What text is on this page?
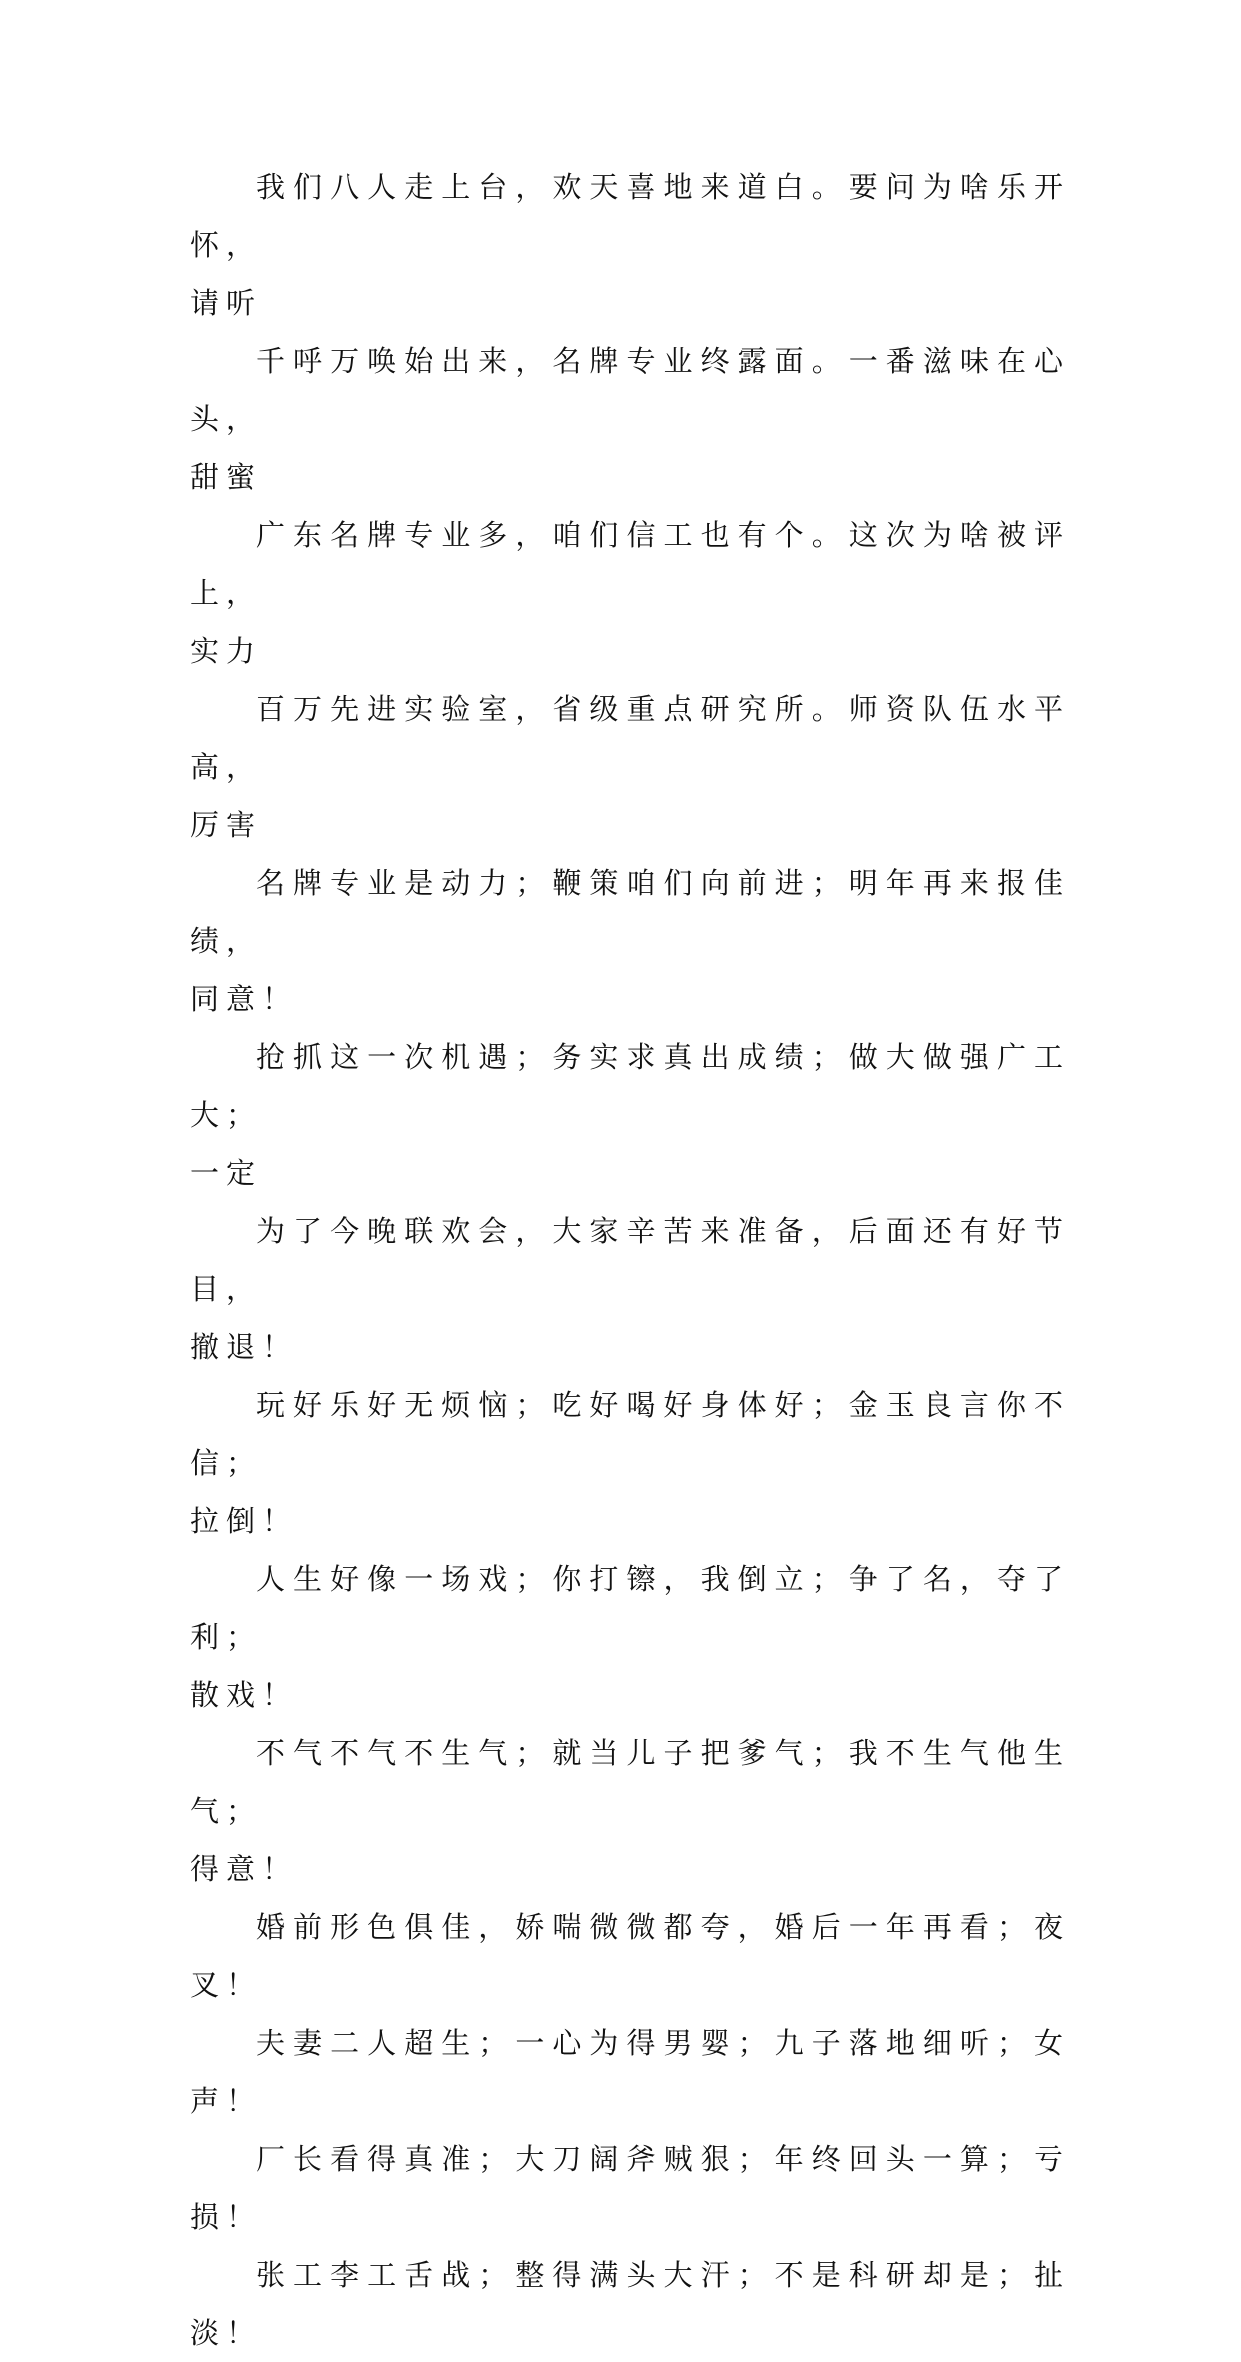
我们八人走上台，欢天喜地来道白。要问为啥乐开怀，
请听

千呼万唤始出来，名牌专业终露面。一番滋味在心头，
甜蜜

广东名牌专业多，咱们信工也有个。这次为啥被评上，
实力

百万先进实验室，省级重点研究所。师资队伍水平高，
厉害

名牌专业是动力；鞭策咱们向前进；明年再来报佳绩，
同意！

抢抓这一次机遇；务实求真出成绩；做大做强广工大；
一定

为了今晚联欢会，大家辛苦来准备，后面还有好节目，
撤退！

玩好乐好无烦恼；吃好喝好身体好；金玉良言你不信；
拉倒！

人生好像一场戏；你打镲，我倒立；争了名，夺了利；
散戏！

不气不气不生气；就当儿子把爹气；我不生气他生气；
得意！

婚前形色俱佳，娇喘微微都夸，婚后一年再看；夜叉！

夫妻二人超生；一心为得男婴；九子落地细听；女声！

厂长看得真准；大刀阔斧贼狠；年终回头一算；亏损！

张工李工舌战；整得满头大汗；不是科研却是；扯淡！
